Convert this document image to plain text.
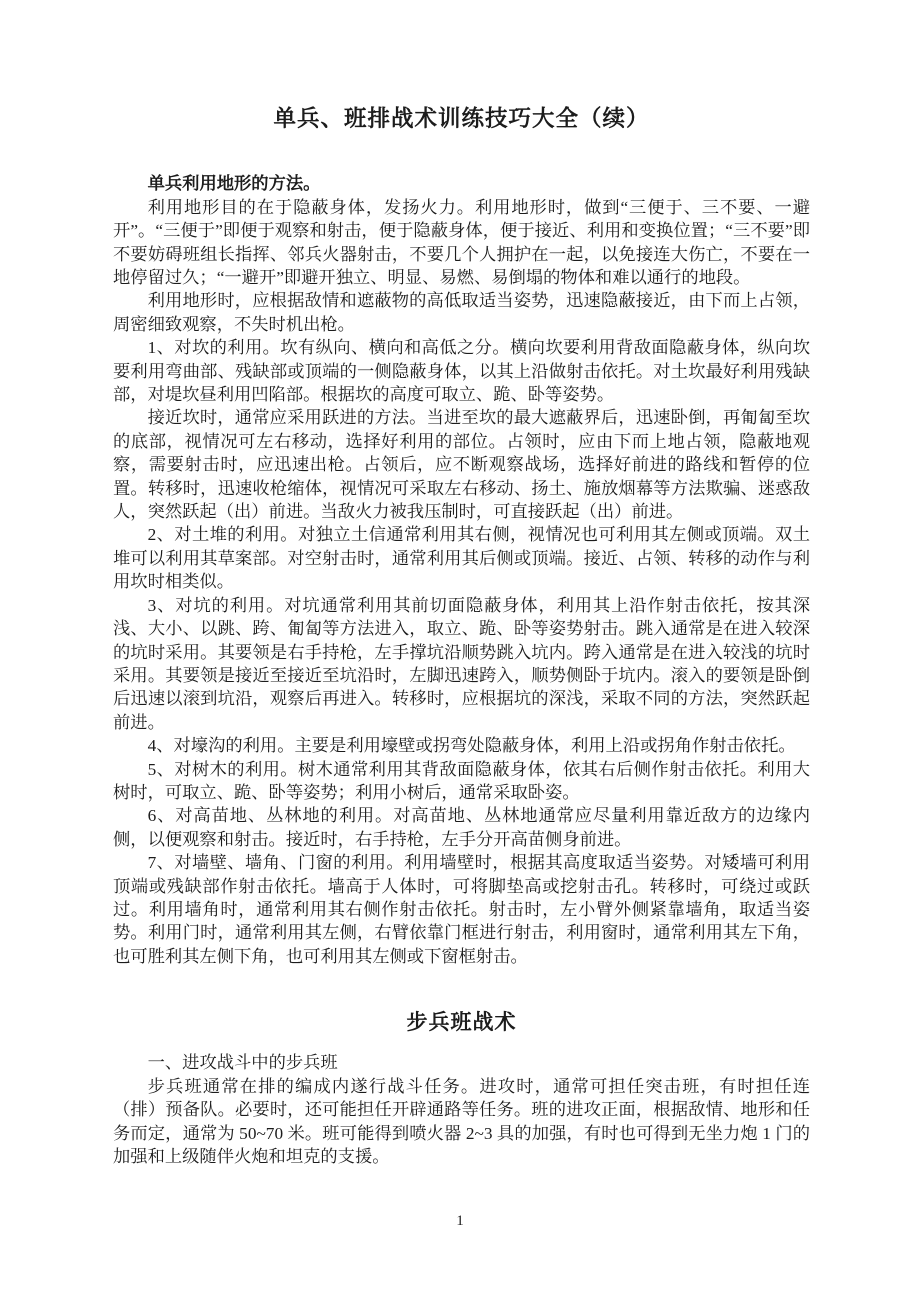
单兵、班排战术训练技巧大全（续）

单兵利用地形的方法。

利用地形目的在于隐蔽身体，发扬火力。利用地形时，做到“三便于、三不要、一避开”。“三便于”即便于观察和射击，便于隐蔽身体，便于接近、利用和变换位置；“三不要”即不要妨碍班组长指挥、邻兵火器射击，不要几个人拥护在一起，以免接连大伤亡，不要在一地停留过久；“一避开”即避开独立、明显、易燃、易倒塌的物体和难以通行的地段。

利用地形时，应根据敌情和遮蔽物的高低取适当姿势，迅速隐蔽接近，由下而上占领，周密细致观察，不失时机出枪。

1、对坎的利用。坎有纵向、横向和高低之分。横向坎要利用背敌面隐蔽身体，纵向坎要利用弯曲部、残缺部或顶端的一侧隐蔽身体，以其上沿做射击依托。对土坎最好利用残缺部，对堤坎昼利用凹陷部。根据坎的高度可取立、跪、卧等姿势。

接近坎时，通常应采用跃进的方法。当进至坎的最大遮蔽界后，迅速卧倒，再匍匐至坎的底部，视情况可左右移动，选择好利用的部位。占领时，应由下而上地占领，隐蔽地观察，需要射击时，应迅速出枪。占领后，应不断观察战场，选择好前进的路线和暂停的位置。转移时，迅速收枪缩体，视情况可采取左右移动、扬土、施放烟幕等方法欺骗、迷惑敌人，突然跃起（出）前进。当敌火力被我压制时，可直接跃起（出）前进。

2、对土堆的利用。对独立土信通常利用其右侧，视情况也可利用其左侧或顶端。双土堆可以利用其草案部。对空射击时，通常利用其后侧或顶端。接近、占领、转移的动作与利用坎时相类似。

3、对坑的利用。对坑通常利用其前切面隐蔽身体，利用其上沿作射击依托，按其深浅、大小、以跳、跨、匍匐等方法进入，取立、跪、卧等姿势射击。跳入通常是在进入较深的坑时采用。其要领是右手持枪，左手撑坑沿顺势跳入坑内。跨入通常是在进入较浅的坑时采用。其要领是接近至接近至坑沿时，左脚迅速跨入，顺势侧卧于坑内。滚入的要领是卧倒后迅速以滚到坑沿，观察后再进入。转移时，应根据坑的深浅，采取不同的方法，突然跃起前进。

4、对壕沟的利用。主要是利用壕壁或拐弯处隐蔽身体，利用上沿或拐角作射击依托。

5、对树木的利用。树木通常利用其背敌面隐蔽身体，依其右后侧作射击依托。利用大树时，可取立、跪、卧等姿势；利用小树后，通常采取卧姿。

6、对高苗地、丛林地的利用。对高苗地、丛林地通常应尽量利用靠近敌方的边缘内侧，以便观察和射击。接近时，右手持枪，左手分开高苗侧身前进。

7、对墙壁、墙角、门窗的利用。利用墙壁时，根据其高度取适当姿势。对矮墙可利用顶端或残缺部作射击依托。墙高于人体时，可将脚垫高或挖射击孔。转移时，可绕过或跃过。利用墙角时，通常利用其右侧作射击依托。射击时，左小臂外侧紧靠墙角，取适当姿势。利用门时，通常利用其左侧，右臂依靠门框进行射击，利用窗时，通常利用其左下角，也可胜利其左侧下角，也可利用其左侧或下窗框射击。

步兵班战术

一、进攻战斗中的步兵班

步兵班通常在排的编成内遂行战斗任务。进攻时，通常可担任突击班，有时担任连（排）预备队。必要时，还可能担任开辟通路等任务。班的进攻正面，根据敌情、地形和任务而定，通常为 50~70 米。班可能得到喷火器 2~3 具的加强，有时也可得到无坐力炮 1 门的加强和上级随伴火炮和坦克的支援。

1
